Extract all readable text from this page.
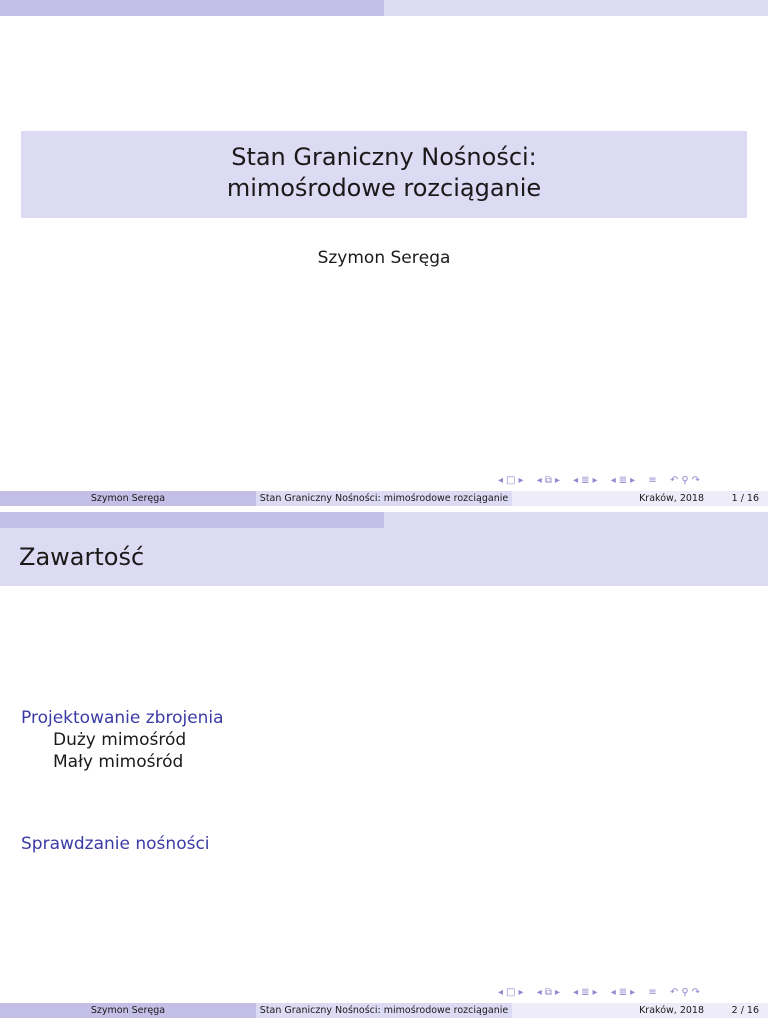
Stan Graniczny Nośności:
mimośrodowe rozciąganie
Szymon Seręga
◂ □ ▸ ◂ ⧉ ▸ ◂ ≣ ▸ ◂ ≣ ▸ ≡ ↶ ⚲ ↷
Szymon Seręga	Stan Graniczny Nośności: mimośrodowe rozciąganie	Kraków, 2018	1 / 16
Zawartość
Projektowanie zbrojenia
Duży mimośród
Mały mimośród
Sprawdzanie nośności
◂ □ ▸ ◂ ⧉ ▸ ◂ ≣ ▸ ◂ ≣ ▸ ≡ ↶ ⚲ ↷
Szymon Seręga	Stan Graniczny Nośności: mimośrodowe rozciąganie	Kraków, 2018	2 / 16
